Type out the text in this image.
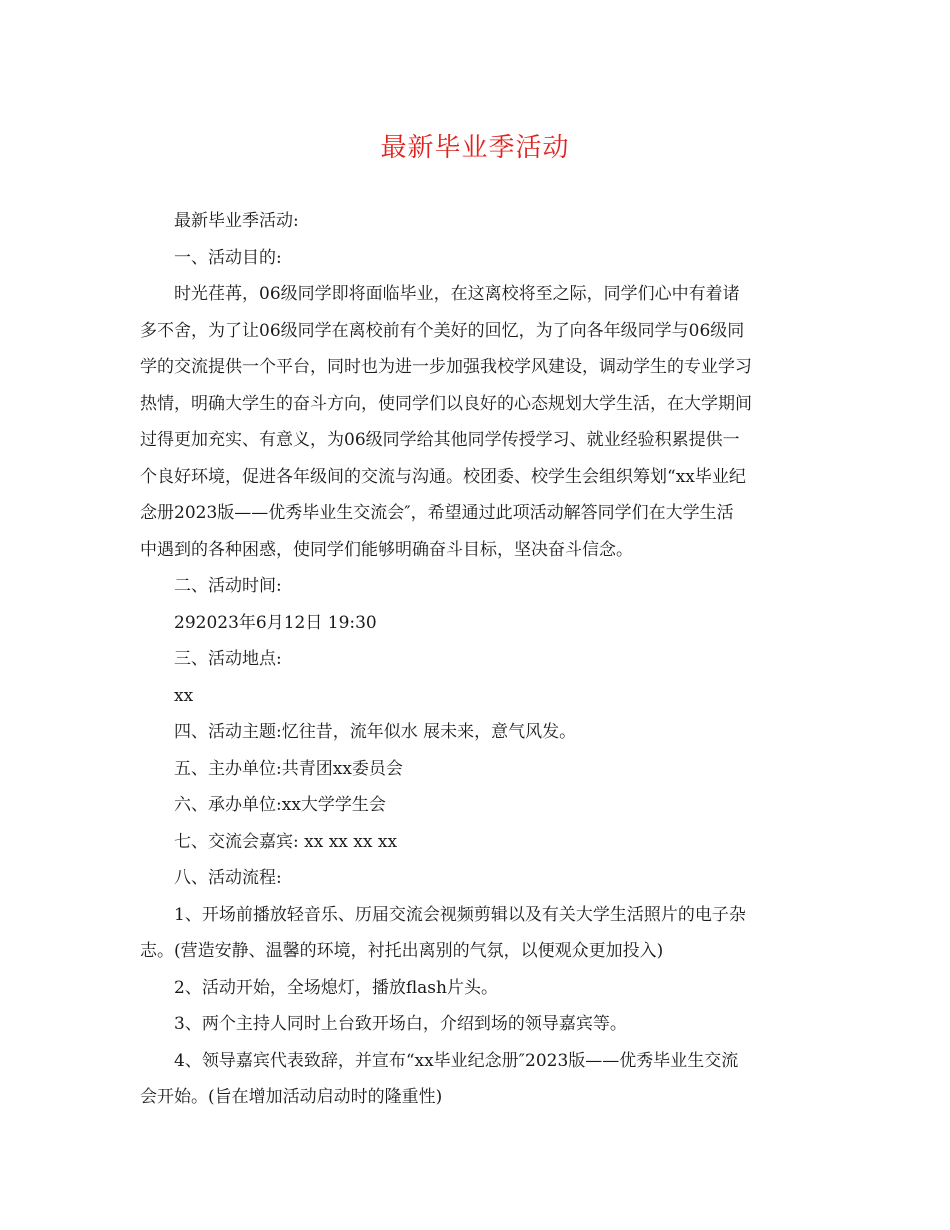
最新毕业季活动
最新毕业季活动:
一、活动目的:
时光荏苒，06级同学即将面临毕业，在这离校将至之际，同学们心中有着诸
多不舍，为了让06级同学在离校前有个美好的回忆，为了向各年级同学与06级同
学的交流提供一个平台，同时也为进一步加强我校学风建设，调动学生的专业学习
热情，明确大学生的奋斗方向，使同学们以良好的心态规划大学生活，在大学期间
过得更加充实、有意义，为06级同学给其他同学传授学习、就业经验积累提供一
个良好环境，促进各年级间的交流与沟通。校团委、校学生会组织筹划“xx毕业纪
念册2023版——优秀毕业生交流会″，希望通过此项活动解答同学们在大学生活
中遇到的各种困惑，使同学们能够明确奋斗目标，坚决奋斗信念。
二、活动时间:
292023年6月12日 19:30
三、活动地点:
xx
四、活动主题:忆往昔，流年似水 展未来，意气风发。
五、主办单位:共青团xx委员会
六、承办单位:xx大学学生会
七、交流会嘉宾: xx xx xx xx
八、活动流程:
1、开场前播放轻音乐、历届交流会视频剪辑以及有关大学生活照片的电子杂
志。(营造安静、温馨的环境，衬托出离别的气氛，以便观众更加投入)
2、活动开始，全场熄灯，播放flash片头。
3、两个主持人同时上台致开场白，介绍到场的领导嘉宾等。
4、领导嘉宾代表致辞，并宣布“xx毕业纪念册″2023版——优秀毕业生交流
会开始。(旨在增加活动启动时的隆重性)
